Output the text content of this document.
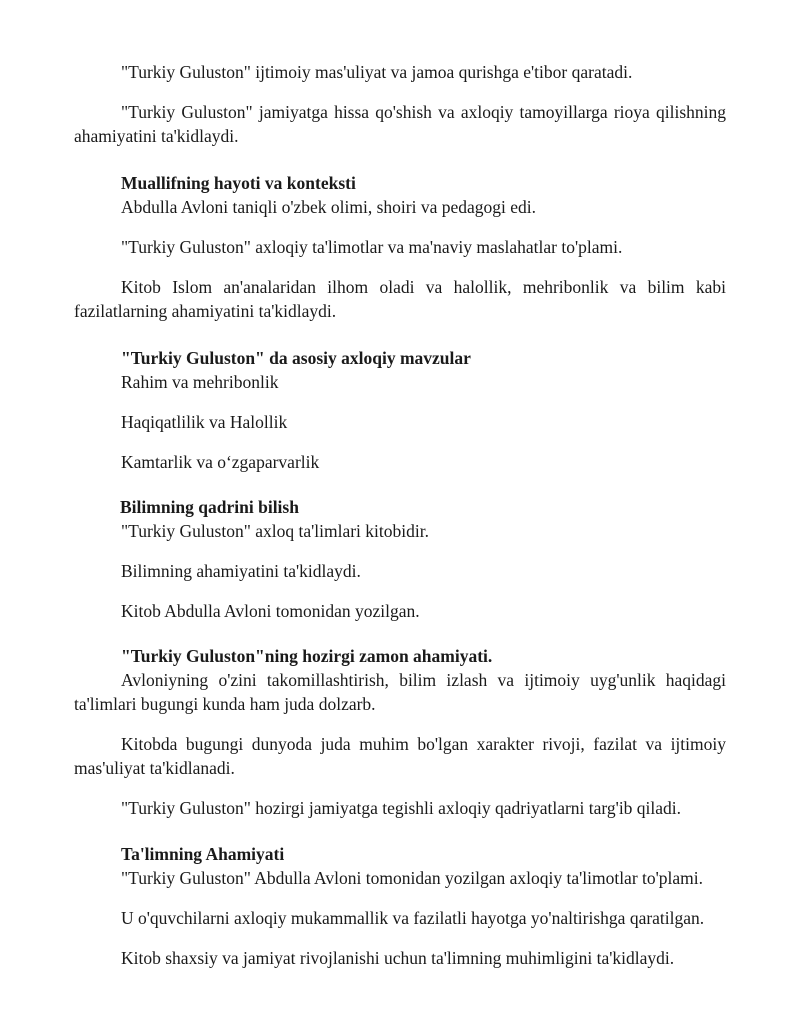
"Turkiy Guluston" ijtimoiy mas'uliyat va jamoa qurishga e'tibor qaratadi.

"Turkiy Guluston" jamiyatga hissa qo'shish va axloqiy tamoyillarga rioya qilishning ahamiyatini ta'kidlaydi.

Muallifning hayoti va konteksti

Abdulla Avloni taniqli o'zbek olimi, shoiri va pedagogi edi.

"Turkiy Guluston" axloqiy ta'limotlar va ma'naviy maslahatlar to'plami.

Kitob Islom an'analaridan ilhom oladi va halollik, mehribonlik va bilim kabi fazilatlarning ahamiyatini ta'kidlaydi.

"Turkiy Guluston" da asosiy axloqiy mavzular

Rahim va mehribonlik

Haqiqatlilik va Halollik

Kamtarlik va o‘zgaparvarlik

Bilimning qadrini bilish

"Turkiy Guluston" axloq ta'limlari kitobidir.

Bilimning ahamiyatini ta'kidlaydi.

Kitob Abdulla Avloni tomonidan yozilgan.

"Turkiy Guluston"ning hozirgi zamon ahamiyati.

Avloniyning o'zini takomillashtirish, bilim izlash va ijtimoiy uyg'unlik haqidagi ta'limlari bugungi kunda ham juda dolzarb.

Kitobda bugungi dunyoda juda muhim bo'lgan xarakter rivoji, fazilat va ijtimoiy mas'uliyat ta'kidlanadi.

"Turkiy Guluston" hozirgi jamiyatga tegishli axloqiy qadriyatlarni targ'ib qiladi.

Ta'limning Ahamiyati

"Turkiy Guluston" Abdulla Avloni tomonidan yozilgan axloqiy ta'limotlar to'plami.

U o'quvchilarni axloqiy mukammallik va fazilatli hayotga yo'naltirishga qaratilgan.

Kitob shaxsiy va jamiyat rivojlanishi uchun ta'limning muhimligini ta'kidlaydi.
